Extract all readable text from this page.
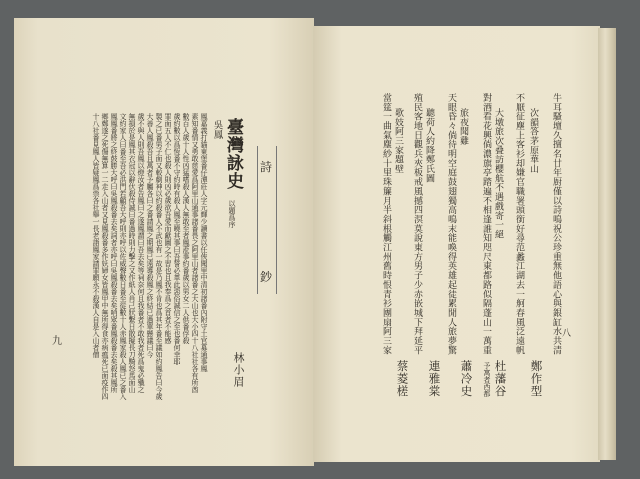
詩
鈔
臺灣詠史
以題爲序
吳鳳
林小眉
九	鳳嘉義打貓東堡番仔潭莊人字元輝少讀書以任俠聞里中清初諸番內附守土官募通事鳳
素知番情又勇敢慈愛爲阿里山通事諸番畏之阿里山者諸番之大山也大小四十八社社各有所酋
數百人歲十人性凶猛嗜殺人漢人無敢至者鳳蒞事約番歲以男女二人供番俘殺
歲約數以爲恆番不守約時有殺人鳳至曉其事曰吾誓必革此惡俗誠信之至也番何幸耶
罪面五人不仁也殺人則凶必歲欲吾愛而獻圖之不習也且我奉爲之首者不能感
製之已番男子面又較劇神以約殺番人不武也有一故是乃鳳不肯也爲其年番至議如約鳳告曰今歲
大善人鳳殺吾且萬者予屬各曰之番請鳳之期鳳已遠導殺鳳之終結已過單懸議曰今
歲不與人則吾鳳以燈汝者告鳳曰之遂鳳謂曰吾去矣等祠奈何且我番者不敢我者死爲鬼必殲之
無損於是鳳其衣冠以辭伏殺侍誠曰番過時則力擊之又作紙人肖己狀繫日散擬長刀騎怒馬面山
文約家人曰番至吾必洪門若顧吾大呼則亦呼以佐威聲數日番至從數十人赤鳳家殺人鳳已之番入
鳳鳳番將之終鼓勝大呼曰吳鳳殺番去矣詞者亦呼曰吳鳳殺番去矣哨眾番鳳殺番去矣殺其鳳所
鄉鄭遂之死傷無算一二走入山者又見鳳殺番多作妖婦女皆鳳甲中無所得食亦病瘟死已面疫作四
十八社番見鳳人皆疑鳳爲祟各社舉一長老詣鳳家請罪願永不殺漢人自是入山者僧	牛耳騷壇久擅名廿年㕑僅以詩鳴祝公珍重無他語心與銀缸水共清
次韻答茅原華山
不厭征塵上客衫却嫌官職署頭銜好尋范蠡江湖去一舸春風泛遠帆
大墩旅次叠訪櫻航不遇戲寄一絕
對酒看花興倘濃旗亭踏遍不相逢誰知咫尺東都路似隔蓬山一萬重
旅夜聞雞
天眼昏々倘待明空庭鼓翅獨高鳴末能喚得英雄起徒累閒人旅夢驚
聽荷人約降鄭氏圖
殖民客地日觀兵夾板戒風撼四溟莫說東方男子少赤嵌城下拜延平
歌妓阿三家題壁
當筵一曲氣塵紗十里珠簾月半斜根觸江州舊時恨青衫團扇阿三家
鄭作型
杜藩谷
予寓者西都
蕭冷史
連雅棠
蔡菱槎
八
